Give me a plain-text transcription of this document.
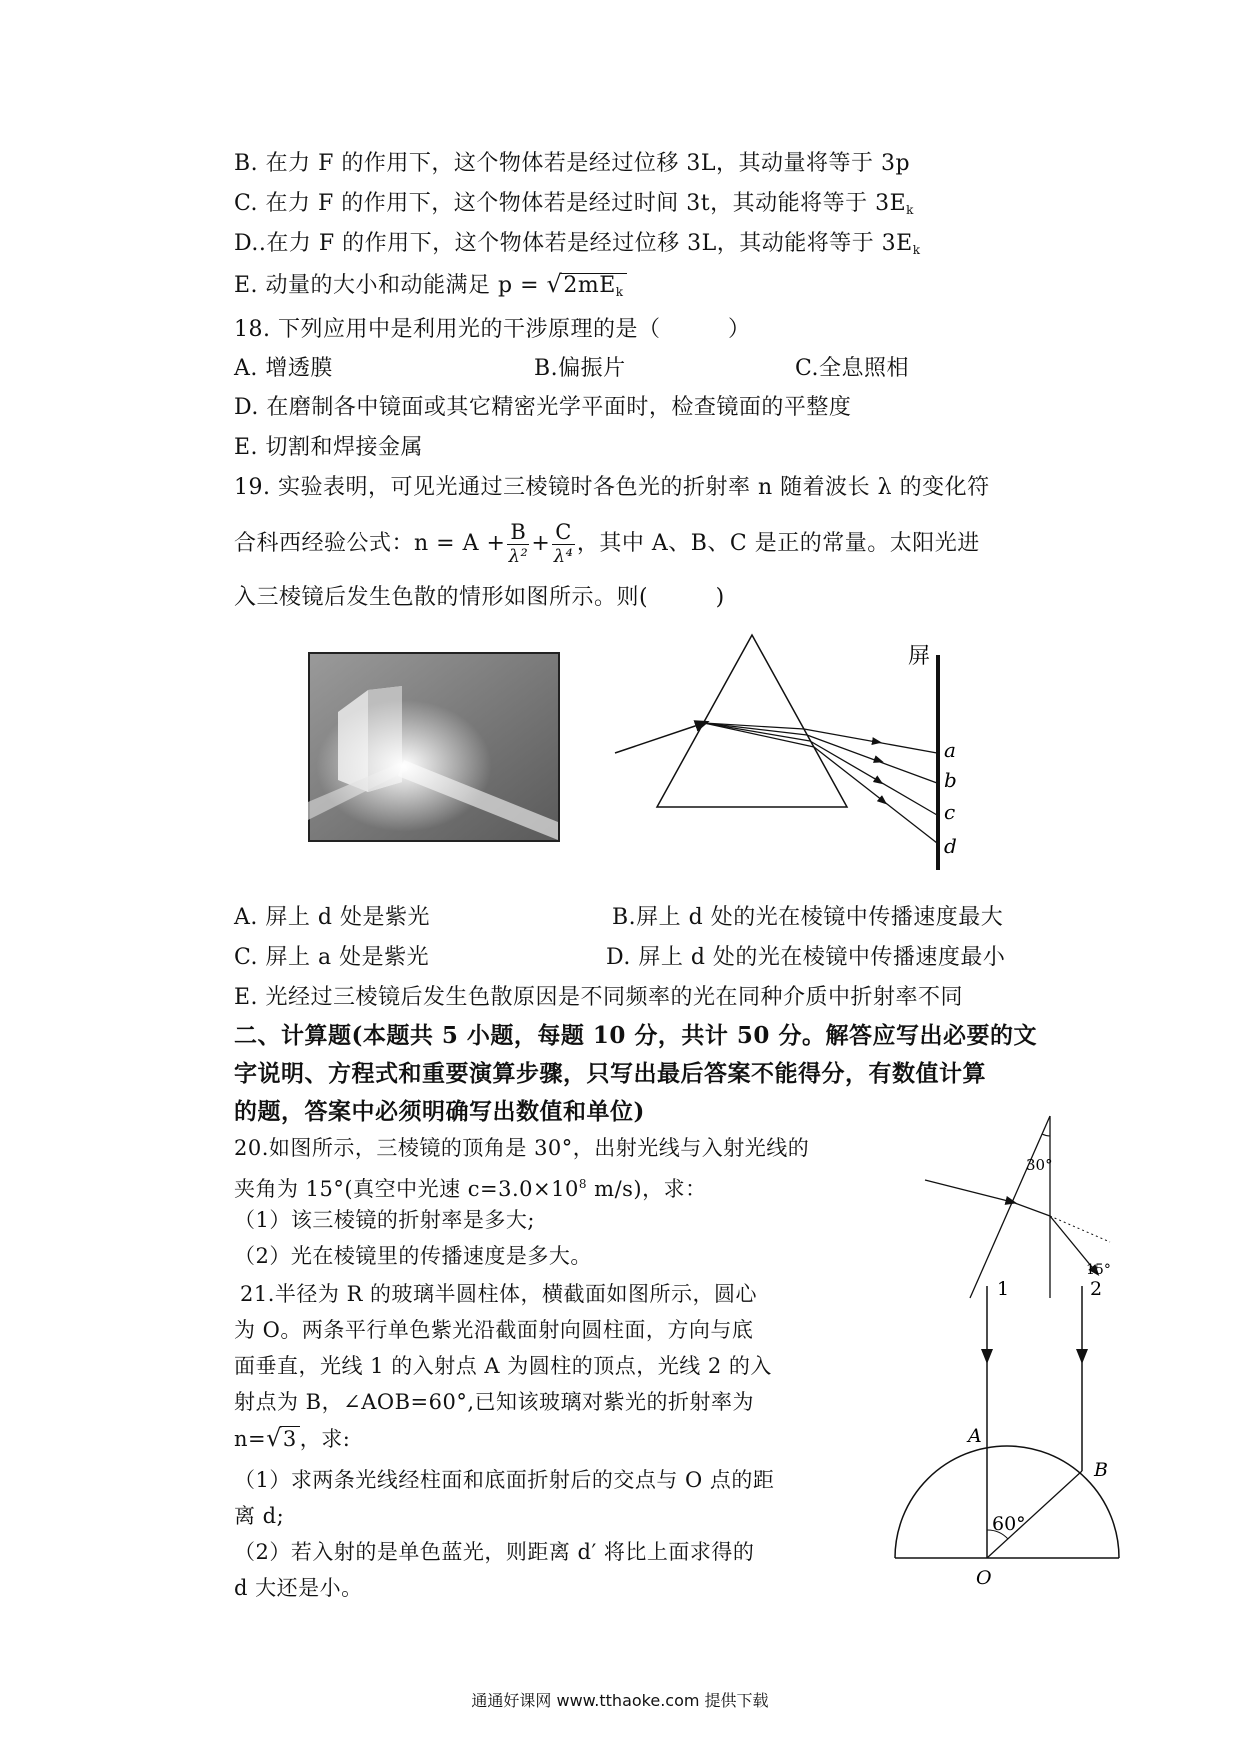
B. 在力 F 的作用下，这个物体若是经过位移 3L，其动量将等于 3p
C. 在力 F 的作用下，这个物体若是经过时间 3t，其动能将等于 $3E_k$
D..在力 F 的作用下，这个物体若是经过位移 3L，其动能将等于 $3E_k$
E. 动量的大小和动能满足 $p = √2mE_k$
18. 下列应用中是利用光的干涉原理的是（　　　）
A. 增透膜	B.偏振片	C.全息照相
D. 在磨制各中镜面或其它精密光学平面时，检查镜面的平整度
E. 切割和焊接金属
19. 实验表明，可见光通过三棱镜时各色光的折射率 n 随着波长 λ 的变化符
合科西经验公式：$n = A + \frac{B}{\text{λ²}} + \frac{C}{\text{λ⁴}}$ ，其中 A、B、C 是正的常量。太阳光进
入三棱镜后发生色散的情形如图所示。则(　　　)
屏
a
b
c
d
A. 屏上 d 处是紫光	B.屏上 d 处的光在棱镜中传播速度最大
C. 屏上 a 处是紫光	D. 屏上 d 处的光在棱镜中传播速度最小
E. 光经过三棱镜后发生色散原因是不同频率的光在同种介质中折射率不同
二、计算题(本题共 5 小题，每题 10 分，共计 50 分。解答应写出必要的文
字说明、方程式和重要演算步骤，只写出最后答案不能得分，有数值计算
的题，答案中必须明确写出数值和单位)
20.如图所示，三棱镜的顶角是 30°，出射光线与入射光线的
夹角为 15°(真空中光速 $c=3.0\times 10^8$ m/s)，求：
（1）该三棱镜的折射率是多大;
（2）光在棱镜里的传播速度是多大。
30°
15°
21.半径为 R 的玻璃半圆柱体，横截面如图所示，圆心
为 O。两条平行单色紫光沿截面射向圆柱面，方向与底
面垂直，光线 1 的入射点 A 为圆柱的顶点，光线 2 的入
射点为 B，∠AOB=60°,已知该玻璃对紫光的折射率为
n=√3 ，求:
（1）求两条光线经柱面和底面折射后的交点与 O 点的距
离 d;
（2）若入射的是单色蓝光，则距离 d′ 将比上面求得的
d 大还是小。
1	2
A
B
O
60°
通通好课网 www.tthaoke.com 提供下载
